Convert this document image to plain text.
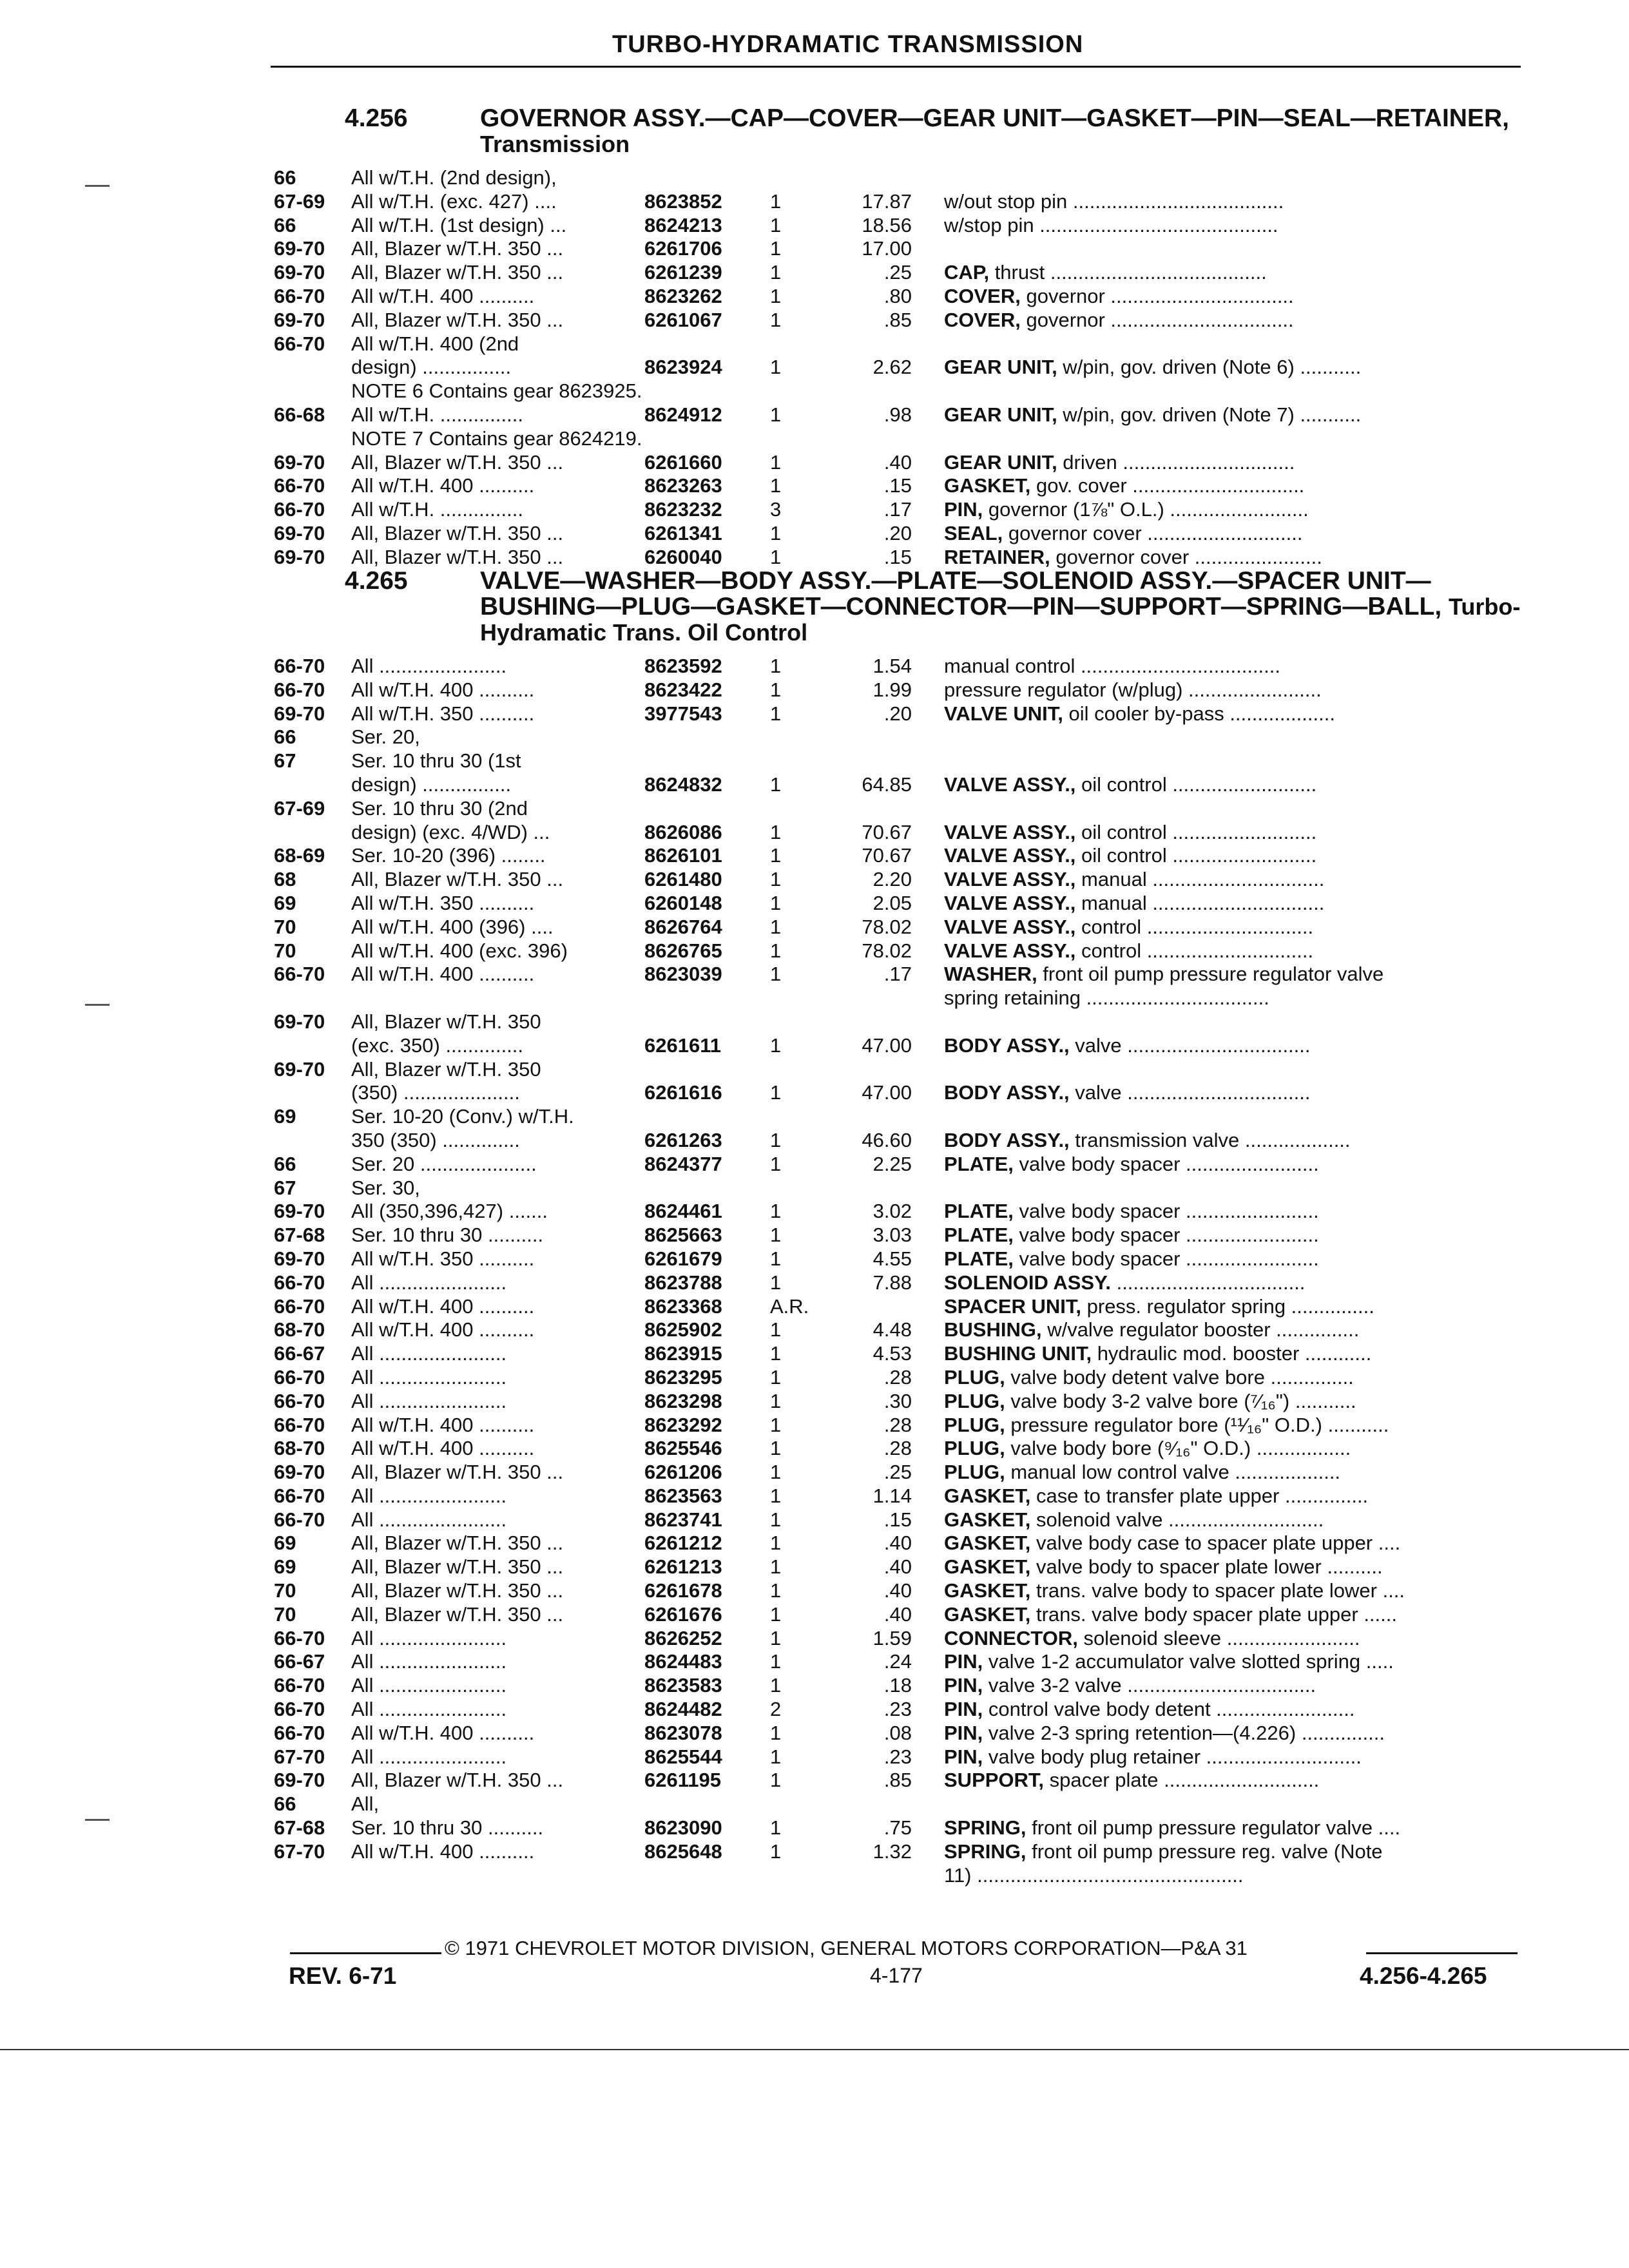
TURBO-HYDRAMATIC TRANSMISSION
4.256	GOVERNOR ASSY.—CAP—COVER—GEAR UNIT—GASKET—PIN—SEAL—RETAINER, Transmission
66	All w/T.H. (2nd design),
67-69 All w/T.H. (exc. 427) ....	8623852 1	17.87 w/out stop pin ......................................
66	All w/T.H. (1st design) ...	8624213 1	18.56 w/stop pin ...........................................
69-70 All, Blazer w/T.H. 350 ...	6261706 1	17.00
69-70 All, Blazer w/T.H. 350 ...	6261239 1	.25 CAP, thrust .......................................
66-70 All w/T.H. 400 ..........	8623262 1	.80 COVER, governor .................................
69-70 All, Blazer w/T.H. 350 ...	6261067 1	.85 COVER, governor .................................
66-70 All w/T.H. 400 (2nd
design) ................	8623924 1	2.62 GEAR UNIT, w/pin, gov. driven (Note 6) ...........
NOTE 6 Contains gear 8623925.
66-68 All w/T.H. ...............	8624912 1	.98 GEAR UNIT, w/pin, gov. driven (Note 7) ...........
NOTE 7 Contains gear 8624219.
69-70 All, Blazer w/T.H. 350 ...	6261660 1	.40 GEAR UNIT, driven ...............................
66-70 All w/T.H. 400 ..........	8623263 1	.15 GASKET, gov. cover ...............................
66-70 All w/T.H. ...............	8623232 3	.17 PIN, governor (1⅞" O.L.) .........................
69-70 All, Blazer w/T.H. 350 ...	6261341 1	.20 SEAL, governor cover ............................
69-70 All, Blazer w/T.H. 350 ...	6260040 1	.15 RETAINER, governor cover .......................
4.265	VALVE—WASHER—BODY ASSY.—PLATE—SOLENOID ASSY.—SPACER UNIT—BUSHING—PLUG—GASKET—CONNECTOR—PIN—SUPPORT—SPRING—BALL, Turbo-Hydramatic Trans. Oil Control
66-70 All .......................	8623592 1	1.54 manual control ....................................
66-70 All w/T.H. 400 ..........	8623422 1	1.99 pressure regulator (w/plug) ........................
69-70 All w/T.H. 350 ..........	3977543 1	.20 VALVE UNIT, oil cooler by-pass ...................
66	Ser. 20,
67	Ser. 10 thru 30 (1st
design) ................	8624832 1	64.85 VALVE ASSY., oil control ..........................
67-69 Ser. 10 thru 30 (2nd
design) (exc. 4/WD) ...	8626086 1	70.67 VALVE ASSY., oil control ..........................
68-69 Ser. 10-20 (396) ........	8626101 1	70.67 VALVE ASSY., oil control ..........................
68	All, Blazer w/T.H. 350 ...	6261480 1	2.20 VALVE ASSY., manual ...............................
69	All w/T.H. 350 ..........	6260148 1	2.05 VALVE ASSY., manual ...............................
70	All w/T.H. 400 (396) ....	8626764 1	78.02 VALVE ASSY., control ..............................
70	All w/T.H. 400 (exc. 396)	8626765 1	78.02 VALVE ASSY., control ..............................
66-70 All w/T.H. 400 ..........	8623039 1	.17 WASHER, front oil pump pressure regulator valve
spring retaining .................................
69-70 All, Blazer w/T.H. 350
(exc. 350) ..............	6261611 1	47.00 BODY ASSY., valve .................................
69-70 All, Blazer w/T.H. 350
(350) .....................	6261616 1	47.00 BODY ASSY., valve .................................
69	Ser. 10-20 (Conv.) w/T.H.
350 (350) ..............	6261263 1	46.60 BODY ASSY., transmission valve ...................
66	Ser. 20 .....................	8624377 1	2.25 PLATE, valve body spacer ........................
67	Ser. 30,
69-70 All (350,396,427) .......	8624461 1	3.02 PLATE, valve body spacer ........................
67-68 Ser. 10 thru 30 ..........	8625663 1	3.03 PLATE, valve body spacer ........................
69-70 All w/T.H. 350 ..........	6261679 1	4.55 PLATE, valve body spacer ........................
66-70 All .......................	8623788 1	7.88 SOLENOID ASSY. ..................................
66-70 All w/T.H. 400 ..........	8623368 A.R.	SPACER UNIT, press. regulator spring ...............
68-70 All w/T.H. 400 ..........	8625902 1	4.48 BUSHING, w/valve regulator booster ...............
66-67 All .......................	8623915 1	4.53 BUSHING UNIT, hydraulic mod. booster ............
66-70 All .......................	8623295 1	.28 PLUG, valve body detent valve bore ...............
66-70 All .......................	8623298 1	.30 PLUG, valve body 3-2 valve bore (⁷⁄₁₆") ...........
66-70 All w/T.H. 400 ..........	8623292 1	.28 PLUG, pressure regulator bore (¹¹⁄₁₆" O.D.) ...........
68-70 All w/T.H. 400 ..........	8625546 1	.28 PLUG, valve body bore (⁹⁄₁₆" O.D.) .................
69-70 All, Blazer w/T.H. 350 ...	6261206 1	.25 PLUG, manual low control valve ...................
66-70 All .......................	8623563 1	1.14 GASKET, case to transfer plate upper ...............
66-70 All .......................	8623741 1	.15 GASKET, solenoid valve ............................
69	All, Blazer w/T.H. 350 ...	6261212 1	.40 GASKET, valve body case to spacer plate upper ....
69	All, Blazer w/T.H. 350 ...	6261213 1	.40 GASKET, valve body to spacer plate lower ..........
70	All, Blazer w/T.H. 350 ...	6261678 1	.40 GASKET, trans. valve body to spacer plate lower ....
70	All, Blazer w/T.H. 350 ...	6261676 1	.40 GASKET, trans. valve body spacer plate upper ......
66-70 All .......................	8626252 1	1.59 CONNECTOR, solenoid sleeve ........................
66-67 All .......................	8624483 1	.24 PIN, valve 1-2 accumulator valve slotted spring .....
66-70 All .......................	8623583 1	.18 PIN, valve 3-2 valve ..................................
66-70 All .......................	8624482 2	.23 PIN, control valve body detent .........................
66-70 All w/T.H. 400 ..........	8623078 1	.08 PIN, valve 2-3 spring retention—(4.226) ...............
67-70 All .......................	8625544 1	.23 PIN, valve body plug retainer ............................
69-70 All, Blazer w/T.H. 350 ...	6261195 1	.85 SUPPORT, spacer plate ............................
66	All,
67-68 Ser. 10 thru 30 ..........	8623090 1	.75 SPRING, front oil pump pressure regulator valve ....
67-70 All w/T.H. 400 ..........	8625648 1	1.32 SPRING, front oil pump pressure reg. valve (Note
11) ................................................
© 1971 CHEVROLET MOTOR DIVISION, GENERAL MOTORS CORPORATION—P&A 31
REV. 6-71	4-177	4.256-4.265
